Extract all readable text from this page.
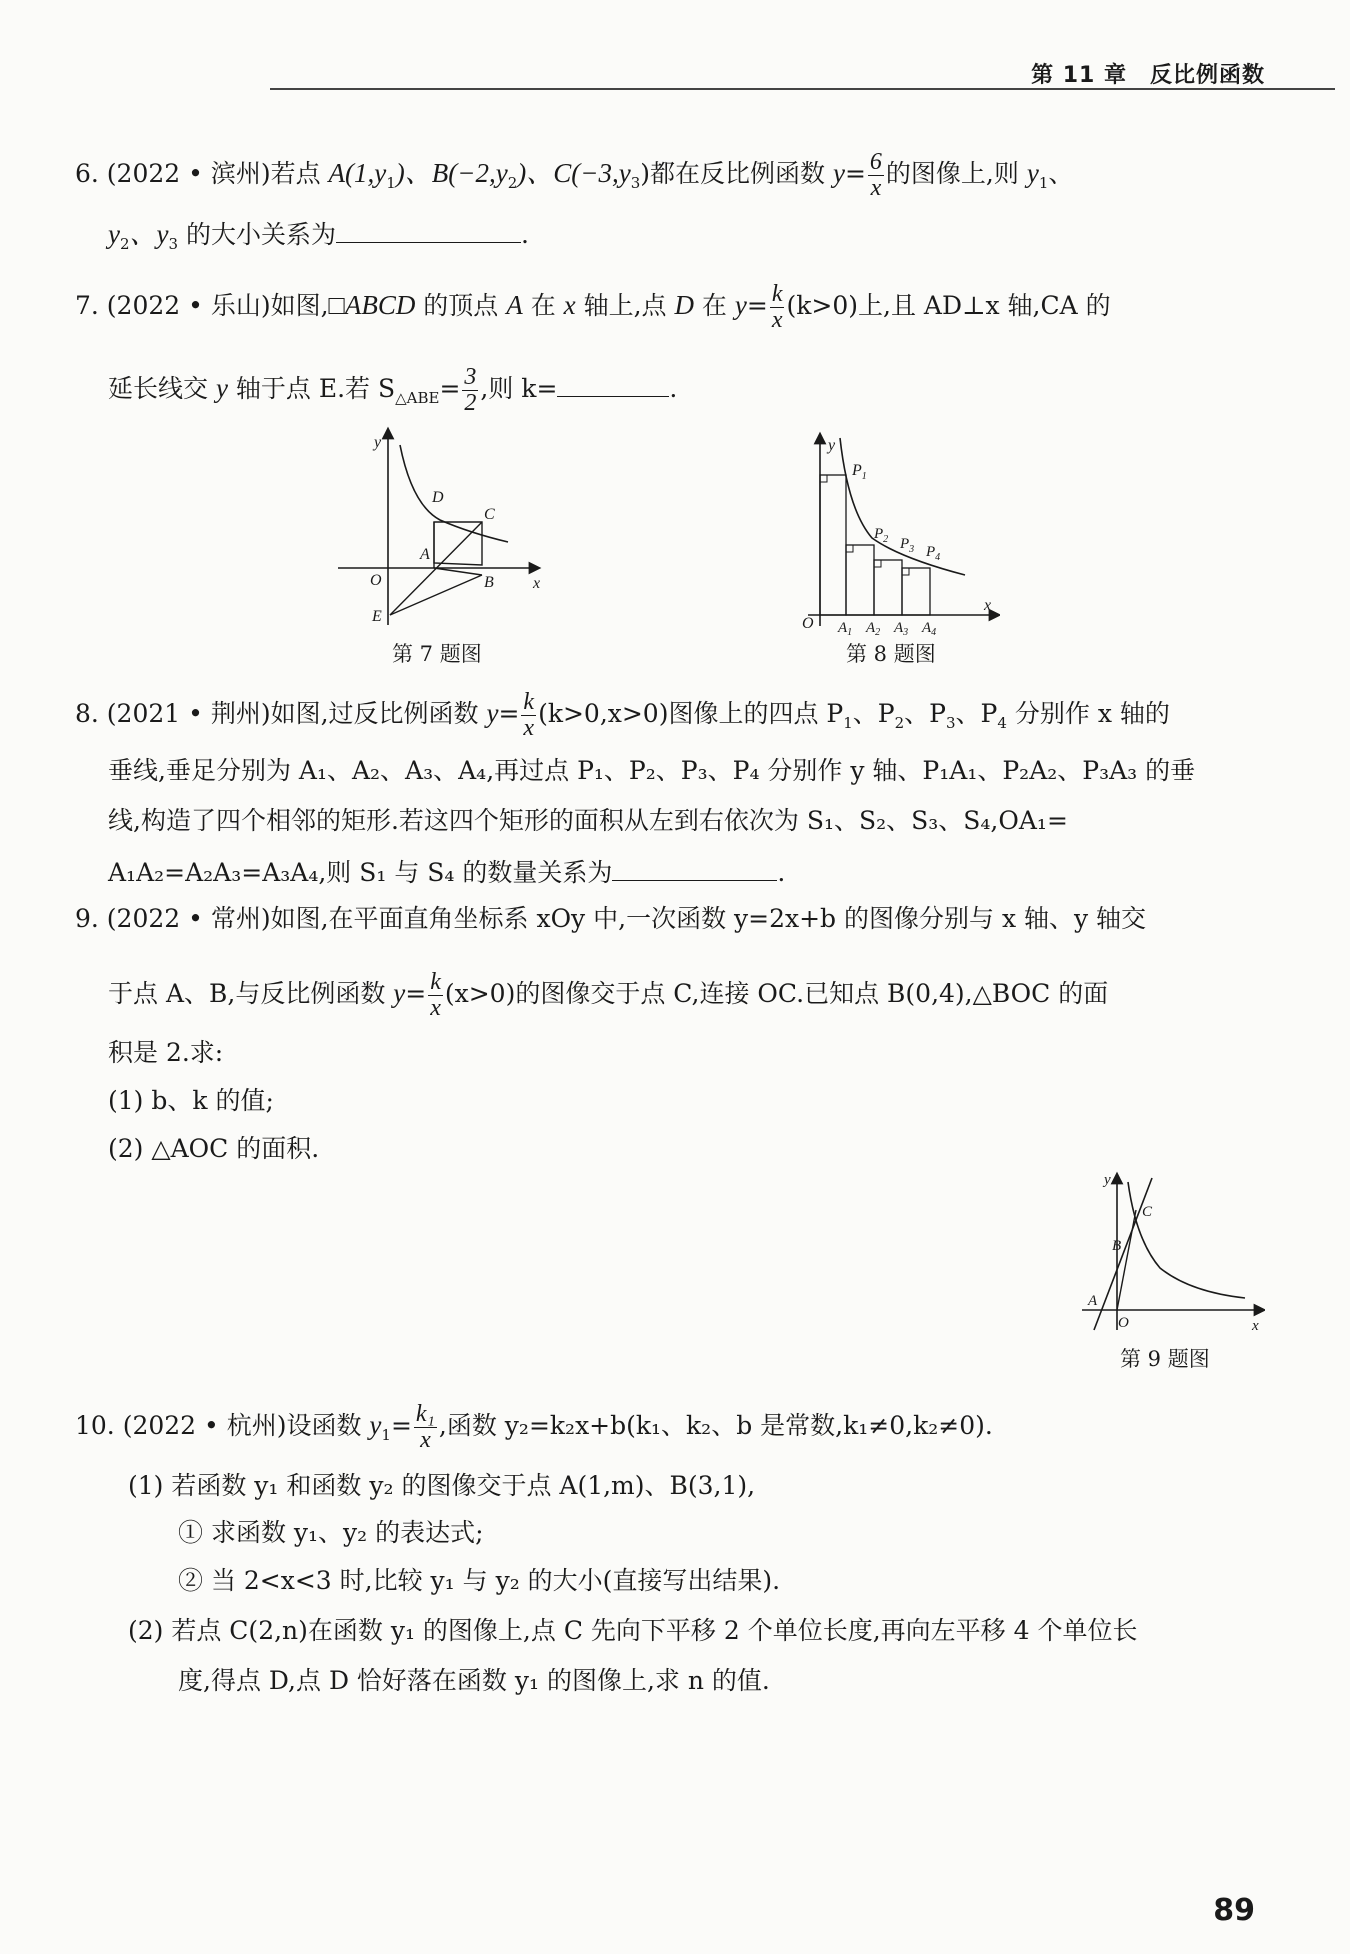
第 11 章　反比例函数
6. (2022 • 滨州)若点 $A(1,y_1)$、$B(-2,y_2)$、$C(-3,y_3)$都在反比例函数 $y= \frac{6}{x}$ 的图像上,则 $y_1$、
$y_2$、$y_3$ 的大小关系为	.
7. (2022 • 乐山)如图,□ABCD 的顶点 A 在 x 轴上,点 D 在 $y= \frac{k}{x} (k>0)$上,且 AD⊥x 轴,CA 的
延长线交 y 轴于点 E.若 $S_{\triangle ABE}= \frac{3}{2}$ ,则 k=	.
y
x
O
A
B
C
D
E
第 7 题图
y
x
O
$P_1$
$P_2$ $P_3$ $P_4$
$A_1$ $A_2$ $A_3$ $A_4$
第 8 题图
8. (2021 • 荆州)如图,过反比例函数 $y= \frac{k}{x} (k>0,x>0)$图像上的四点 $P_1$、$P_2$、$P_3$、$P_4$ 分别作 x 轴的
垂线,垂足分别为 A₁、A₂、A₃、A₄,再过点 P₁、P₂、P₃、P₄ 分别作 y 轴、P₁A₁、P₂A₂、P₃A₃ 的垂
线,构造了四个相邻的矩形.若这四个矩形的面积从左到右依次为 S₁、S₂、S₃、S₄,OA₁=
A₁A₂=A₂A₃=A₃A₄,则 S₁ 与 S₄ 的数量关系为	.
9. (2022 • 常州)如图,在平面直角坐标系 xOy 中,一次函数 y=2x+b 的图像分别与 x 轴、y 轴交
于点 A、B,与反比例函数 $y= \frac{k}{x} (x>0)$的图像交于点 C,连接 OC.已知点 B(0,4),△BOC 的面
积是 2.求:
(1) b、k 的值;
(2) △AOC 的面积.
y
x
O
A
B
C
第 9 题图
10. (2022 • 杭州)设函数 $y_1= \frac{\text{k₁}}{x}$ ,函数 y₂=k₂x+b(k₁、k₂、b 是常数,k₁≠0,k₂≠0).
(1) 若函数 y₁ 和函数 y₂ 的图像交于点 A(1,m)、B(3,1),
① 求函数 y₁、y₂ 的表达式;
② 当 2<x<3 时,比较 y₁ 与 y₂ 的大小(直接写出结果).
(2) 若点 C(2,n)在函数 y₁ 的图像上,点 C 先向下平移 2 个单位长度,再向左平移 4 个单位长
度,得点 D,点 D 恰好落在函数 y₁ 的图像上,求 n 的值.
89
